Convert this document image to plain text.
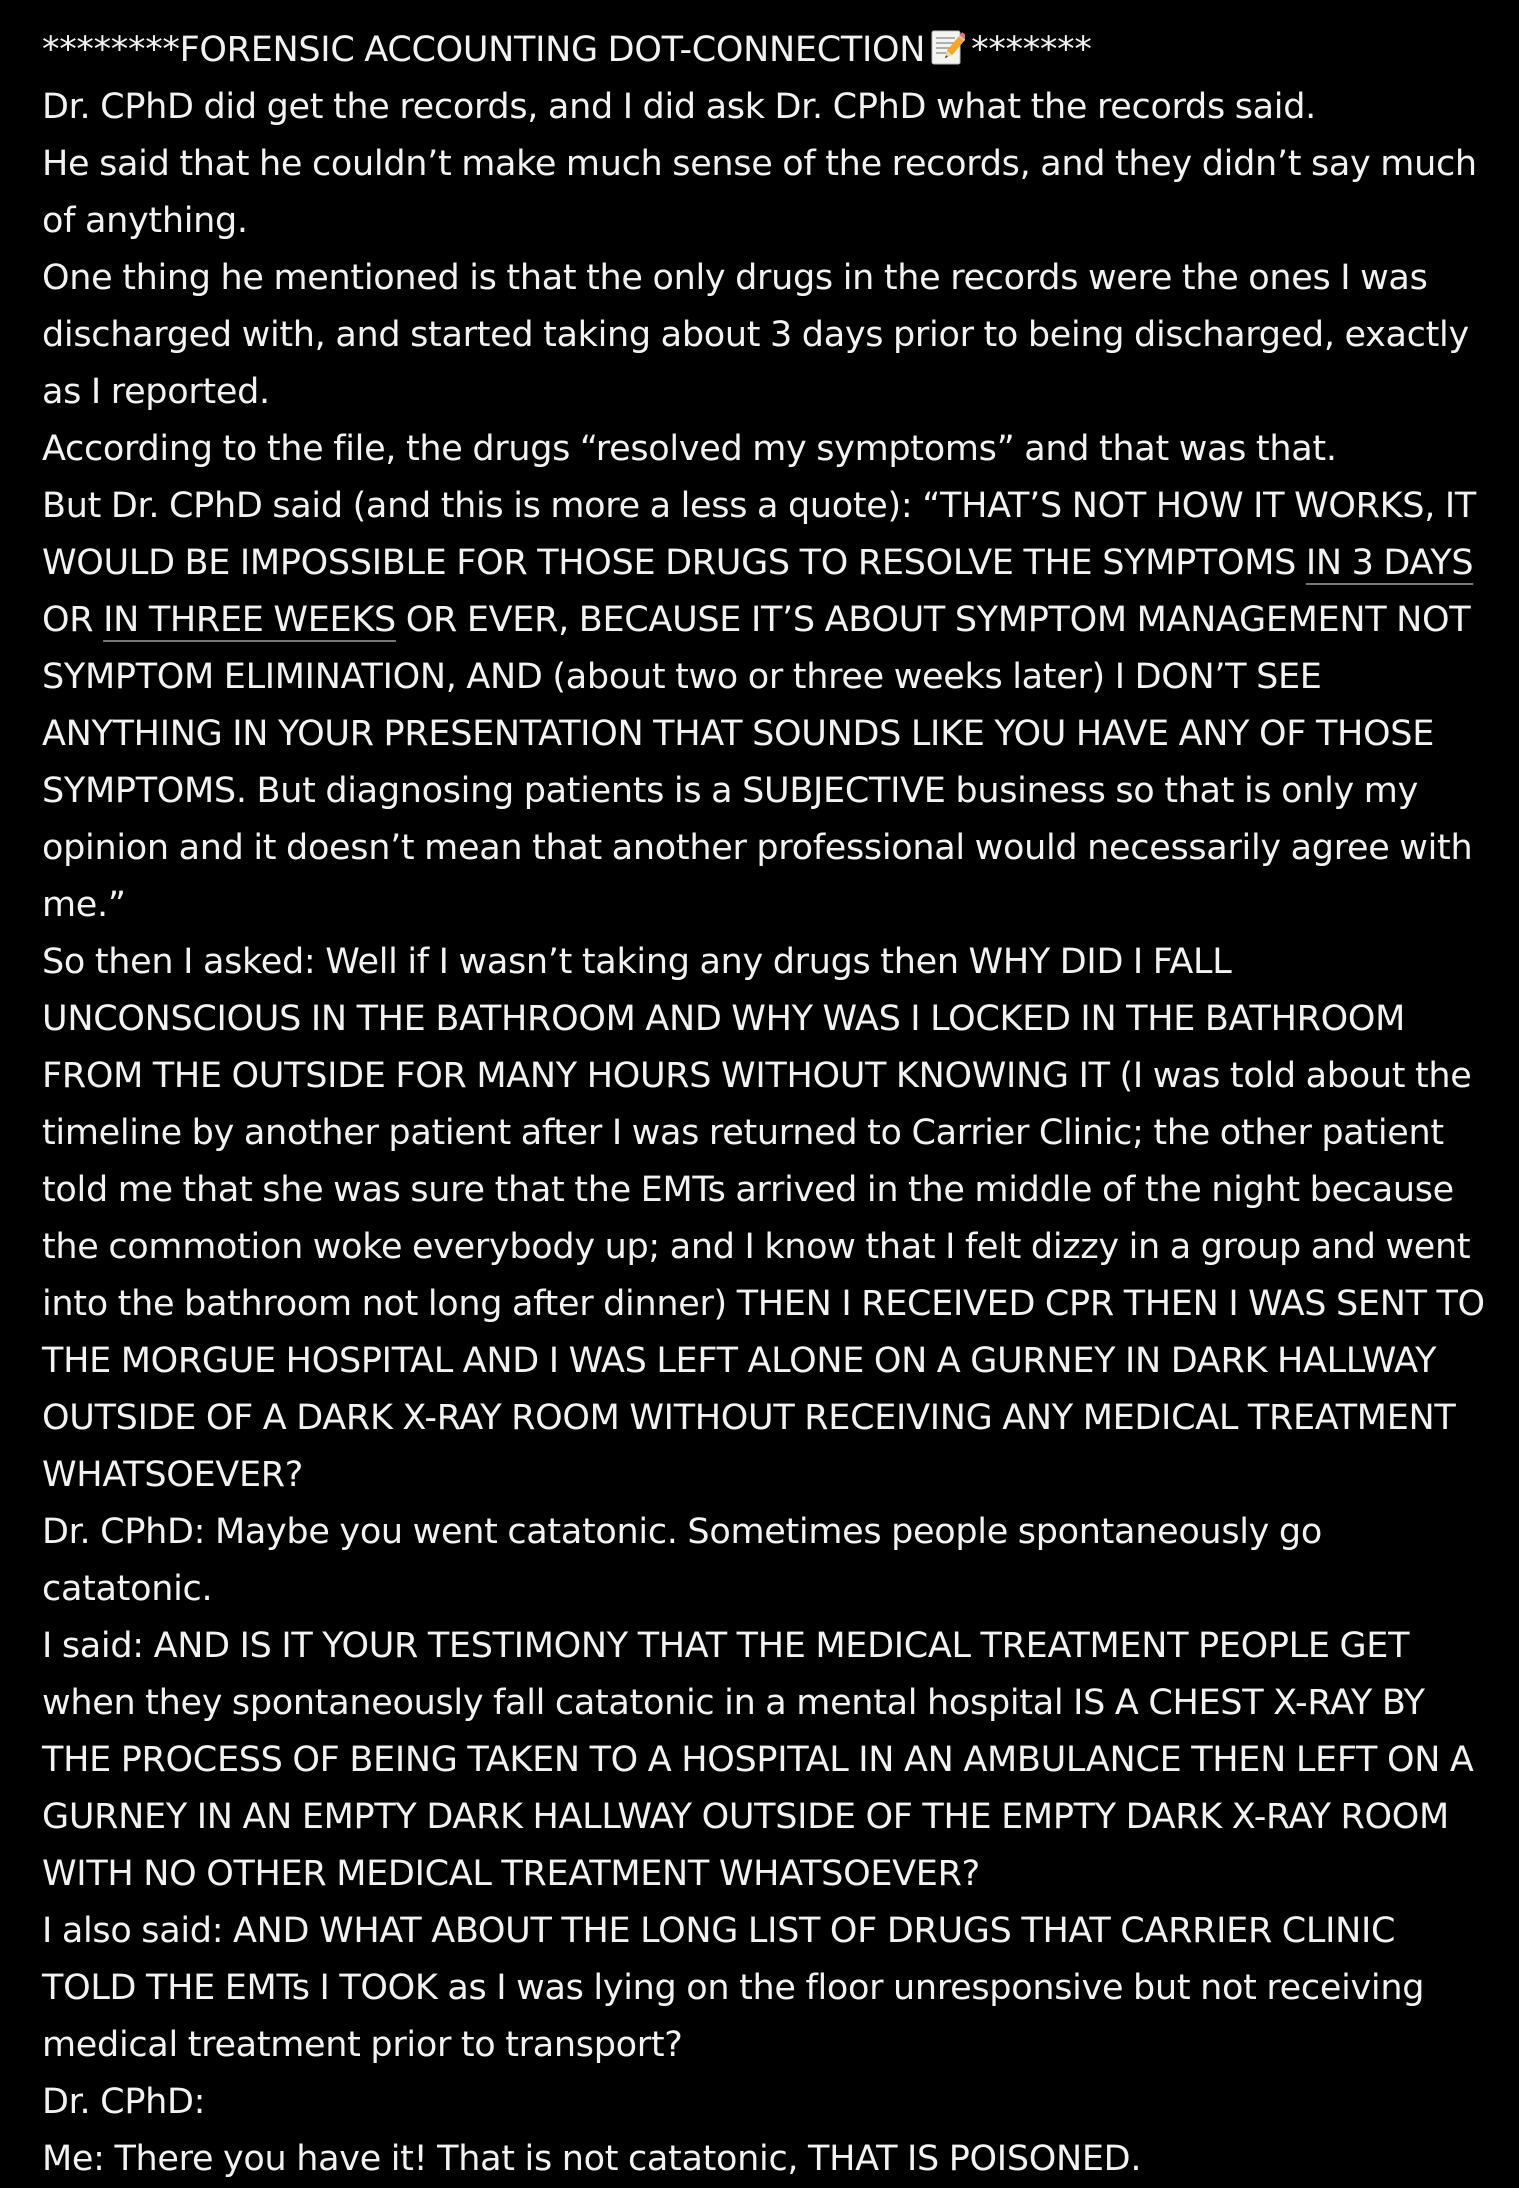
********FORENSIC ACCOUNTING DOT-CONNECTION *******

Dr. CPhD did get the records, and I did ask Dr. CPhD what the records said.

He said that he couldn’t make much sense of the records, and they didn’t say much of anything.

One thing he mentioned is that the only drugs in the records were the ones I was discharged with, and started taking about 3 days prior to being discharged, exactly as I reported.

According to the file, the drugs “resolved my symptoms” and that was that.

But Dr. CPhD said (and this is more a less a quote): “THAT’S NOT HOW IT WORKS, IT WOULD BE IMPOSSIBLE FOR THOSE DRUGS TO RESOLVE THE SYMPTOMS IN 3 DAYS OR IN THREE WEEKS OR EVER, BECAUSE IT’S ABOUT SYMPTOM MANAGEMENT NOT SYMPTOM ELIMINATION, AND (about two or three weeks later) I DON’T SEE ANYTHING IN YOUR PRESENTATION THAT SOUNDS LIKE YOU HAVE ANY OF THOSE SYMPTOMS. But diagnosing patients is a SUBJECTIVE business so that is only my opinion and it doesn’t mean that another professional would necessarily agree with me.”

So then I asked: Well if I wasn’t taking any drugs then WHY DID I FALL UNCONSCIOUS IN THE BATHROOM AND WHY WAS I LOCKED IN THE BATHROOM FROM THE OUTSIDE FOR MANY HOURS WITHOUT KNOWING IT (I was told about the timeline by another patient after I was returned to Carrier Clinic; the other patient told me that she was sure that the EMTs arrived in the middle of the night because the commotion woke everybody up; and I know that I felt dizzy in a group and went into the bathroom not long after dinner) THEN I RECEIVED CPR THEN I WAS SENT TO THE MORGUE HOSPITAL AND I WAS LEFT ALONE ON A GURNEY IN DARK HALLWAY OUTSIDE OF A DARK X-RAY ROOM WITHOUT RECEIVING ANY MEDICAL TREATMENT WHATSOEVER?

Dr. CPhD: Maybe you went catatonic. Sometimes people spontaneously go catatonic.

I said: AND IS IT YOUR TESTIMONY THAT THE MEDICAL TREATMENT PEOPLE GET when they spontaneously fall catatonic in a mental hospital IS A CHEST X-RAY BY THE PROCESS OF BEING TAKEN TO A HOSPITAL IN AN AMBULANCE THEN LEFT ON A GURNEY IN AN EMPTY DARK HALLWAY OUTSIDE OF THE EMPTY DARK X-RAY ROOM WITH NO OTHER MEDICAL TREATMENT WHATSOEVER?

I also said: AND WHAT ABOUT THE LONG LIST OF DRUGS THAT CARRIER CLINIC TOLD THE EMTs I TOOK as I was lying on the floor unresponsive but not receiving medical treatment prior to transport?

Dr. CPhD:

Me: There you have it! That is not catatonic, THAT IS POISONED.
